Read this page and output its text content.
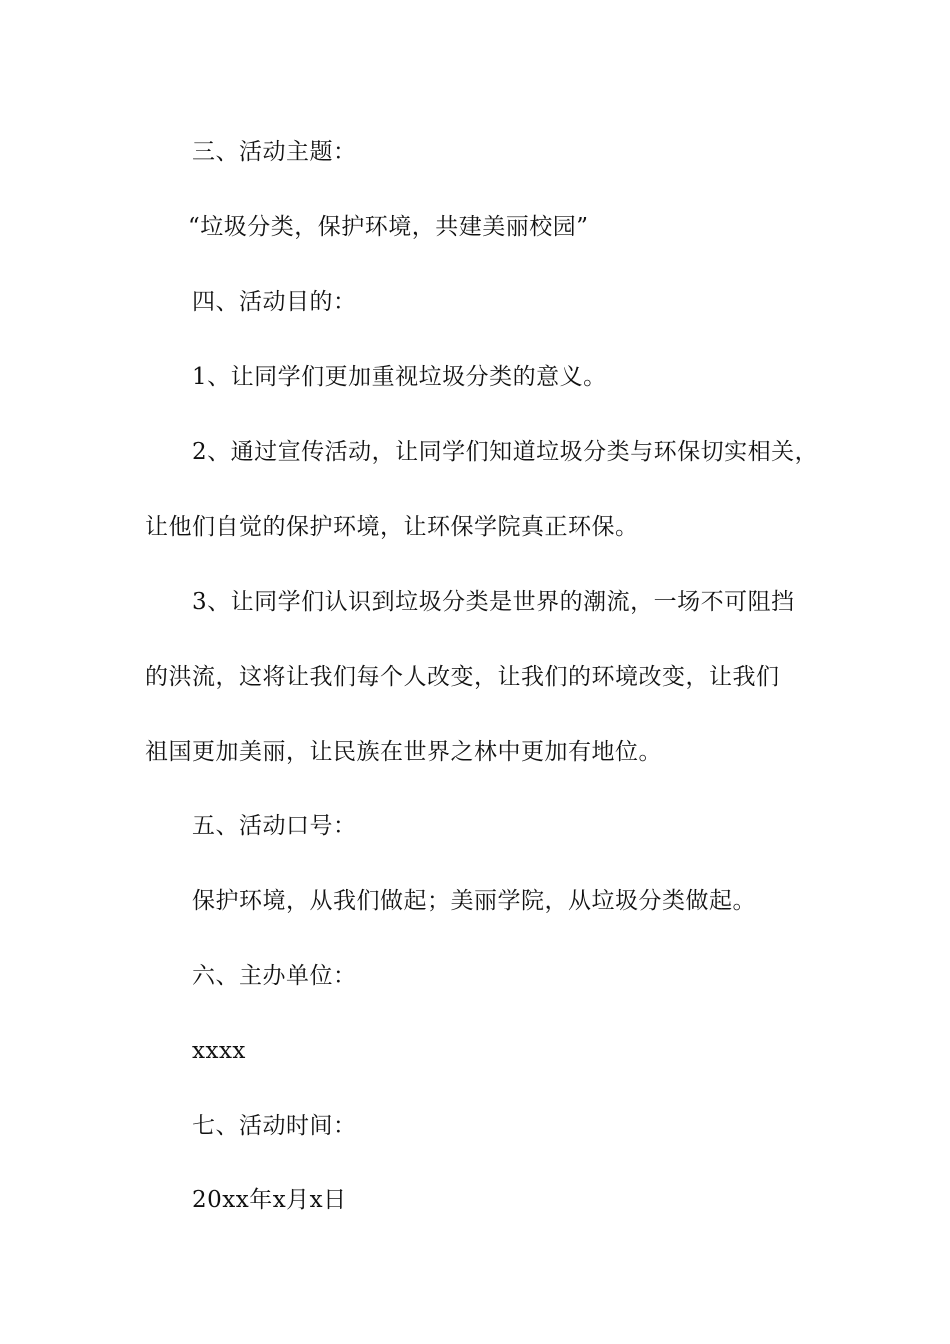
三、活动主题：
“垃圾分类，保护环境，共建美丽校园”
四、活动目的：
1、让同学们更加重视垃圾分类的意义。
2、通过宣传活动，让同学们知道垃圾分类与环保切实相关，
让他们自觉的保护环境，让环保学院真正环保。
3、让同学们认识到垃圾分类是世界的潮流，一场不可阻挡
的洪流，这将让我们每个人改变，让我们的环境改变，让我们
祖国更加美丽，让民族在世界之林中更加有地位。
五、活动口号：
保护环境，从我们做起；美丽学院，从垃圾分类做起。
六、主办单位：
xxxx
七、活动时间：
20xx年x月x日
